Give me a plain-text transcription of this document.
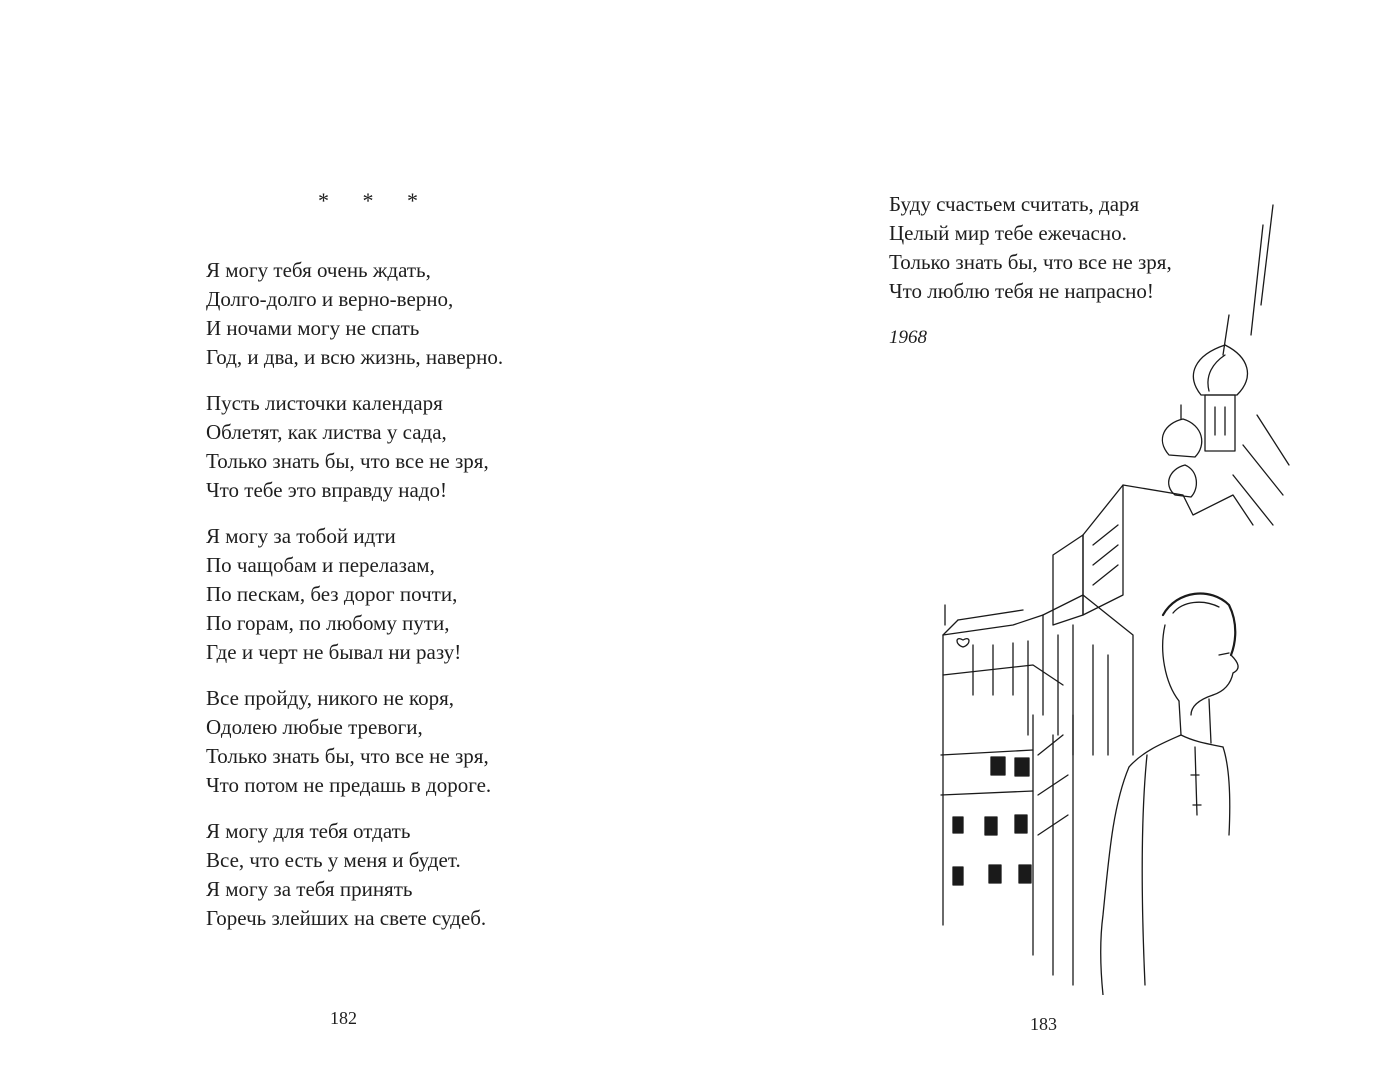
* * *
Я могу тебя очень ждать,
Долго-долго и верно-верно,
И ночами могу не спать
Год, и два, и всю жизнь, наверно.
Пусть листочки календаря
Облетят, как листва у сада,
Только знать бы, что все не зря,
Что тебе это вправду надо!
Я могу за тобой идти
По чащобам и перелазам,
По пескам, без дорог почти,
По горам, по любому пути,
Где и черт не бывал ни разу!
Все пройду, никого не коря,
Одолею любые тревоги,
Только знать бы, что все не зря,
Что потом не предашь в дороге.
Я могу для тебя отдать
Все, что есть у меня и будет.
Я могу за тебя принять
Горечь злейших на свете судеб.
182
Буду счастьем считать, даря
Целый мир тебе ежечасно.
Только знать бы, что все не зря,
Что люблю тебя не напрасно!
1968
183
